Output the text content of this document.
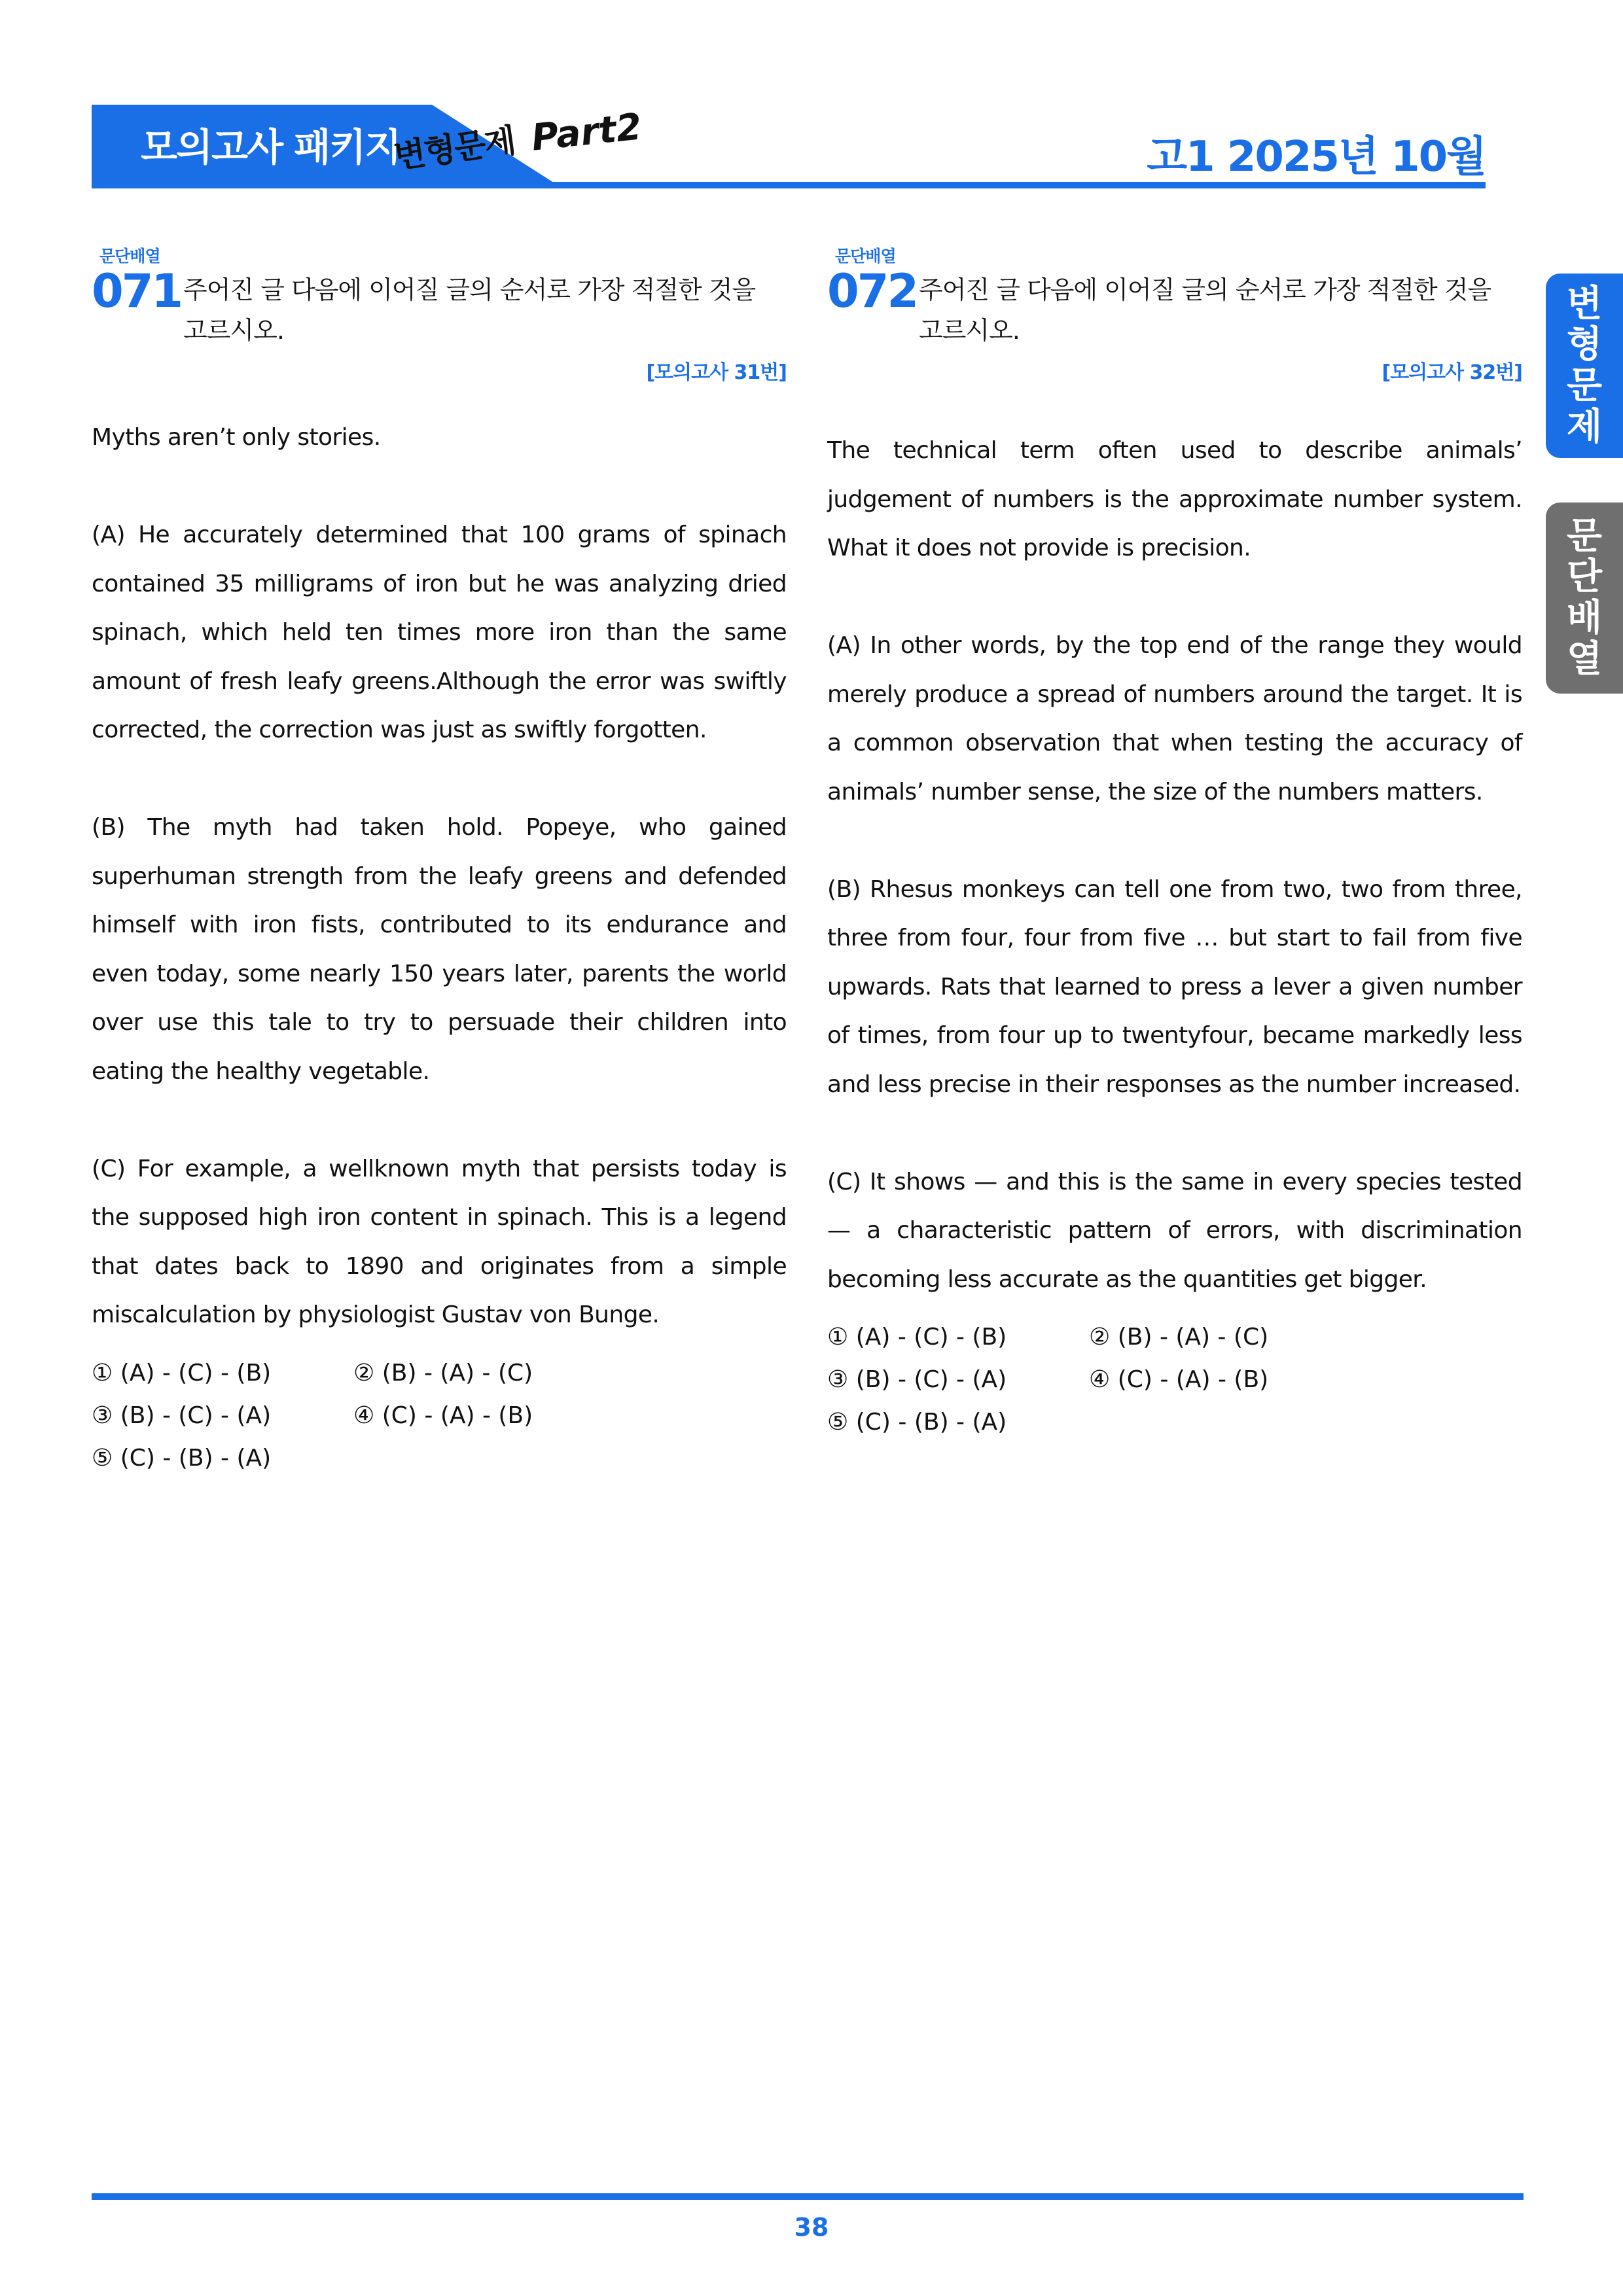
모의고사 패키지
변형문제 Part2	고1 2025년 10월
변
형
문
제
문
단
배
열
문단배열
071 주어진 글 다음에 이어질 글의 순서로 가장 적절한 것을 고르시오.
[모의고사 31번]

Myths aren’t only stories.

(A) He accurately determined that 100 grams of spinach contained 35 milligrams of iron but he was analyzing dried spinach, which held ten times more iron than the same amount of fresh leafy greens.Although the error was swiftly corrected, the correction was just as swiftly forgotten.

(B) The myth had taken hold. Popeye, who gained superhuman strength from the leafy greens and defended himself with iron fists, contributed to its endurance and even today, some nearly 150 years later, parents the world over use this tale to try to persuade their children into eating the healthy vegetable.

(C) For example, a wellknown myth that persists today is the supposed high iron content in spinach. This is a legend that dates back to 1890 and originates from a simple miscalculation by physiologist Gustav von Bunge.

① (A) - (C) - (B)	② (B) - (A) - (C)
③ (B) - (C) - (A)	④ (C) - (A) - (B)
⑤ (C) - (B) - (A)
문단배열
072 주어진 글 다음에 이어질 글의 순서로 가장 적절한 것을 고르시오.
[모의고사 32번]

The technical term often used to describe animals’ judgement of numbers is the approximate number system. What it does not provide is precision.

(A) In other words, by the top end of the range they would merely produce a spread of numbers around the target. It is a common observation that when testing the accuracy of animals’ number sense, the size of the numbers matters.

(B) Rhesus monkeys can tell one from two, two from three, three from four, four from five … but start to fail from five upwards. Rats that learned to press a lever a given number of times, from four up to twentyfour, became markedly less and less precise in their responses as the number increased.

(C) It shows — and this is the same in every species tested — a characteristic pattern of errors, with discrimination becoming less accurate as the quantities get bigger.

① (A) - (C) - (B)	② (B) - (A) - (C)
③ (B) - (C) - (A)	④ (C) - (A) - (B)
⑤ (C) - (B) - (A)
38
